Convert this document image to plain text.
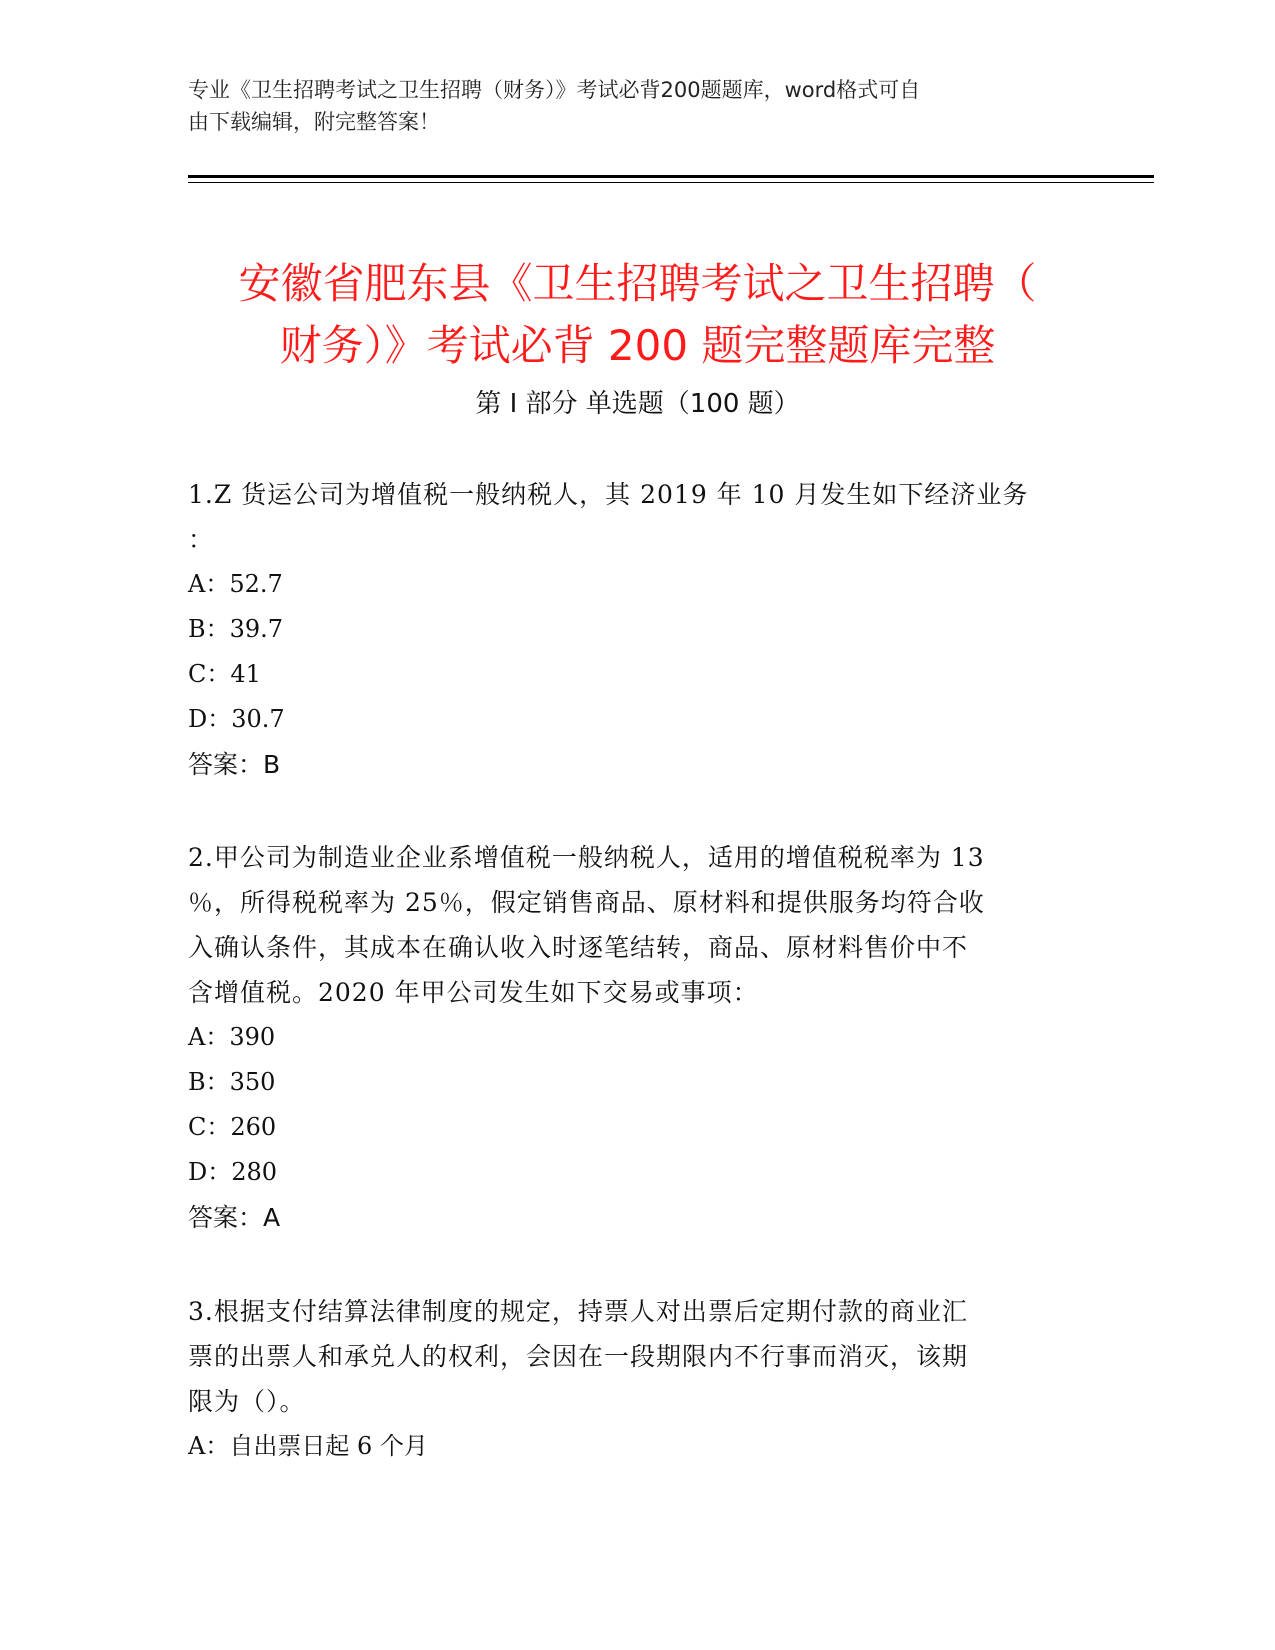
专业《卫生招聘考试之卫生招聘（财务）》考试必背200题题库，word格式可自
由下载编辑，附完整答案！
安徽省肥东县《卫生招聘考试之卫生招聘（
财务）》考试必背 200 题完整题库完整
第 I 部分 单选题（100 题）
1.Z 货运公司为增值税一般纳税人，其 2019 年 10 月发生如下经济业务
：
A：52.7
B：39.7
C：41
D：30.7
答案：B
2.甲公司为制造业企业系增值税一般纳税人，适用的增值税税率为 13
％，所得税税率为 25％，假定销售商品、原材料和提供服务均符合收
入确认条件，其成本在确认收入时逐笔结转，商品、原材料售价中不
含增值税。2020 年甲公司发生如下交易或事项：
A：390
B：350
C：260
D：280
答案：A
3.根据支付结算法律制度的规定，持票人对出票后定期付款的商业汇
票的出票人和承兑人的权利，会因在一段期限内不行事而消灭，该期
限为（）。
A：自出票日起 6 个月
